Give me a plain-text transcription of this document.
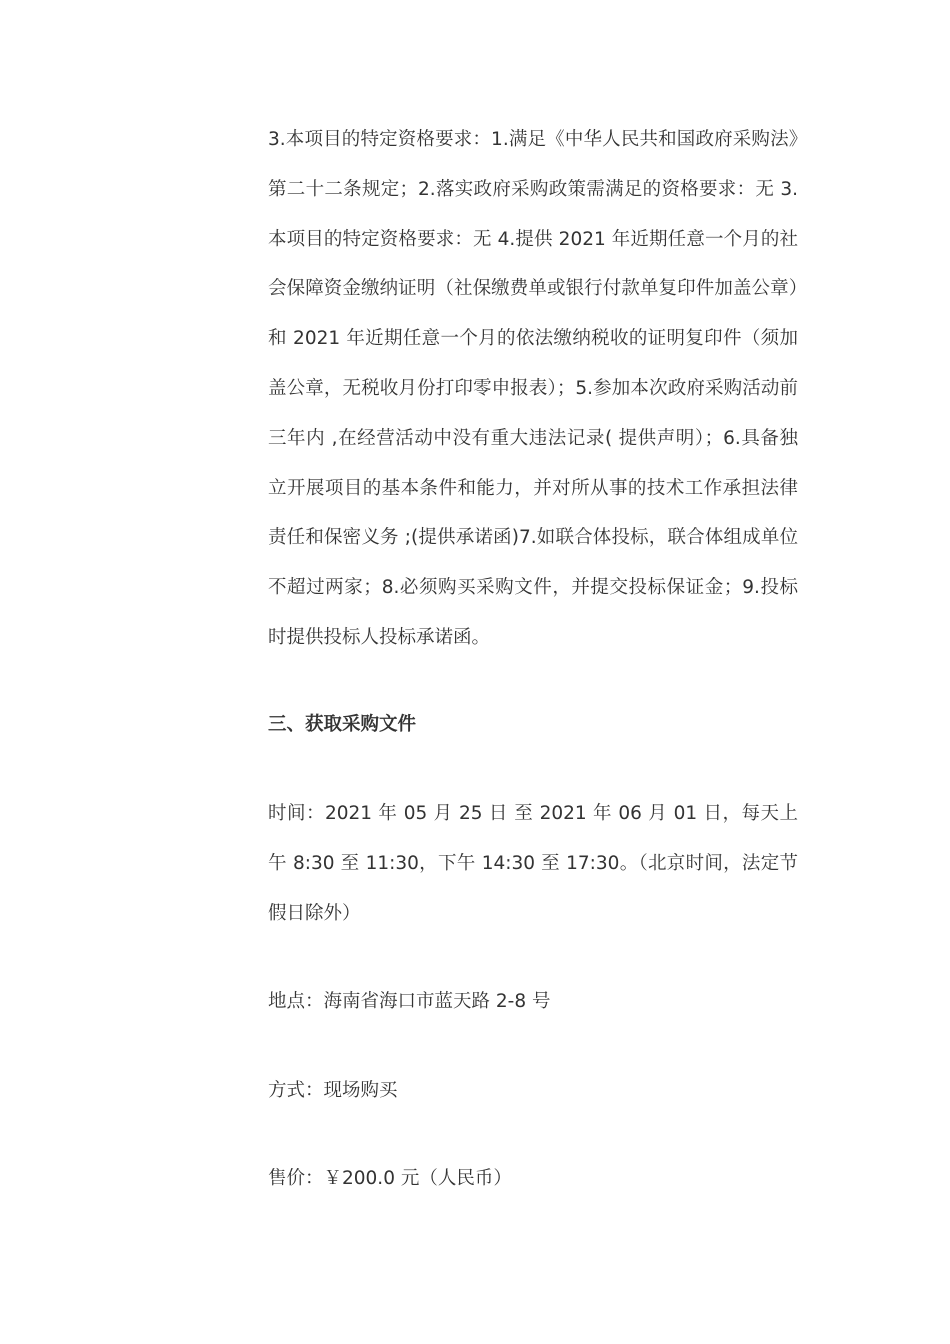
3.本项目的特定资格要求：1.满足《中华人民共和国政府采购法》第二十二条规定；2.落实政府采购政策需满足的资格要求：无 3.本项目的特定资格要求：无 4.提供 2021 年近期任意一个月的社会保障资金缴纳证明（社保缴费单或银行付款单复印件加盖公章）和 2021 年近期任意一个月的依法缴纳税收的证明复印件（须加盖公章，无税收月份打印零申报表）；5.参加本次政府采购活动前三年内 ,在经营活动中没有重大违法记录( 提供声明）；6.具备独立开展项目的基本条件和能力，并对所从事的技术工作承担法律责任和保密义务 ;(提供承诺函)7.如联合体投标，联合体组成单位不超过两家；8.必须购买采购文件，并提交投标保证金；9.投标时提供投标人投标承诺函。

三、获取采购文件

时间：2021 年 05 月 25 日 至 2021 年 06 月 01 日，每天上午 8:30 至 11:30，下午 14:30 至 17:30。（北京时间，法定节假日除外）

地点：海南省海口市蓝天路 2-8 号

方式：现场购买

售价：￥200.0 元（人民币）
